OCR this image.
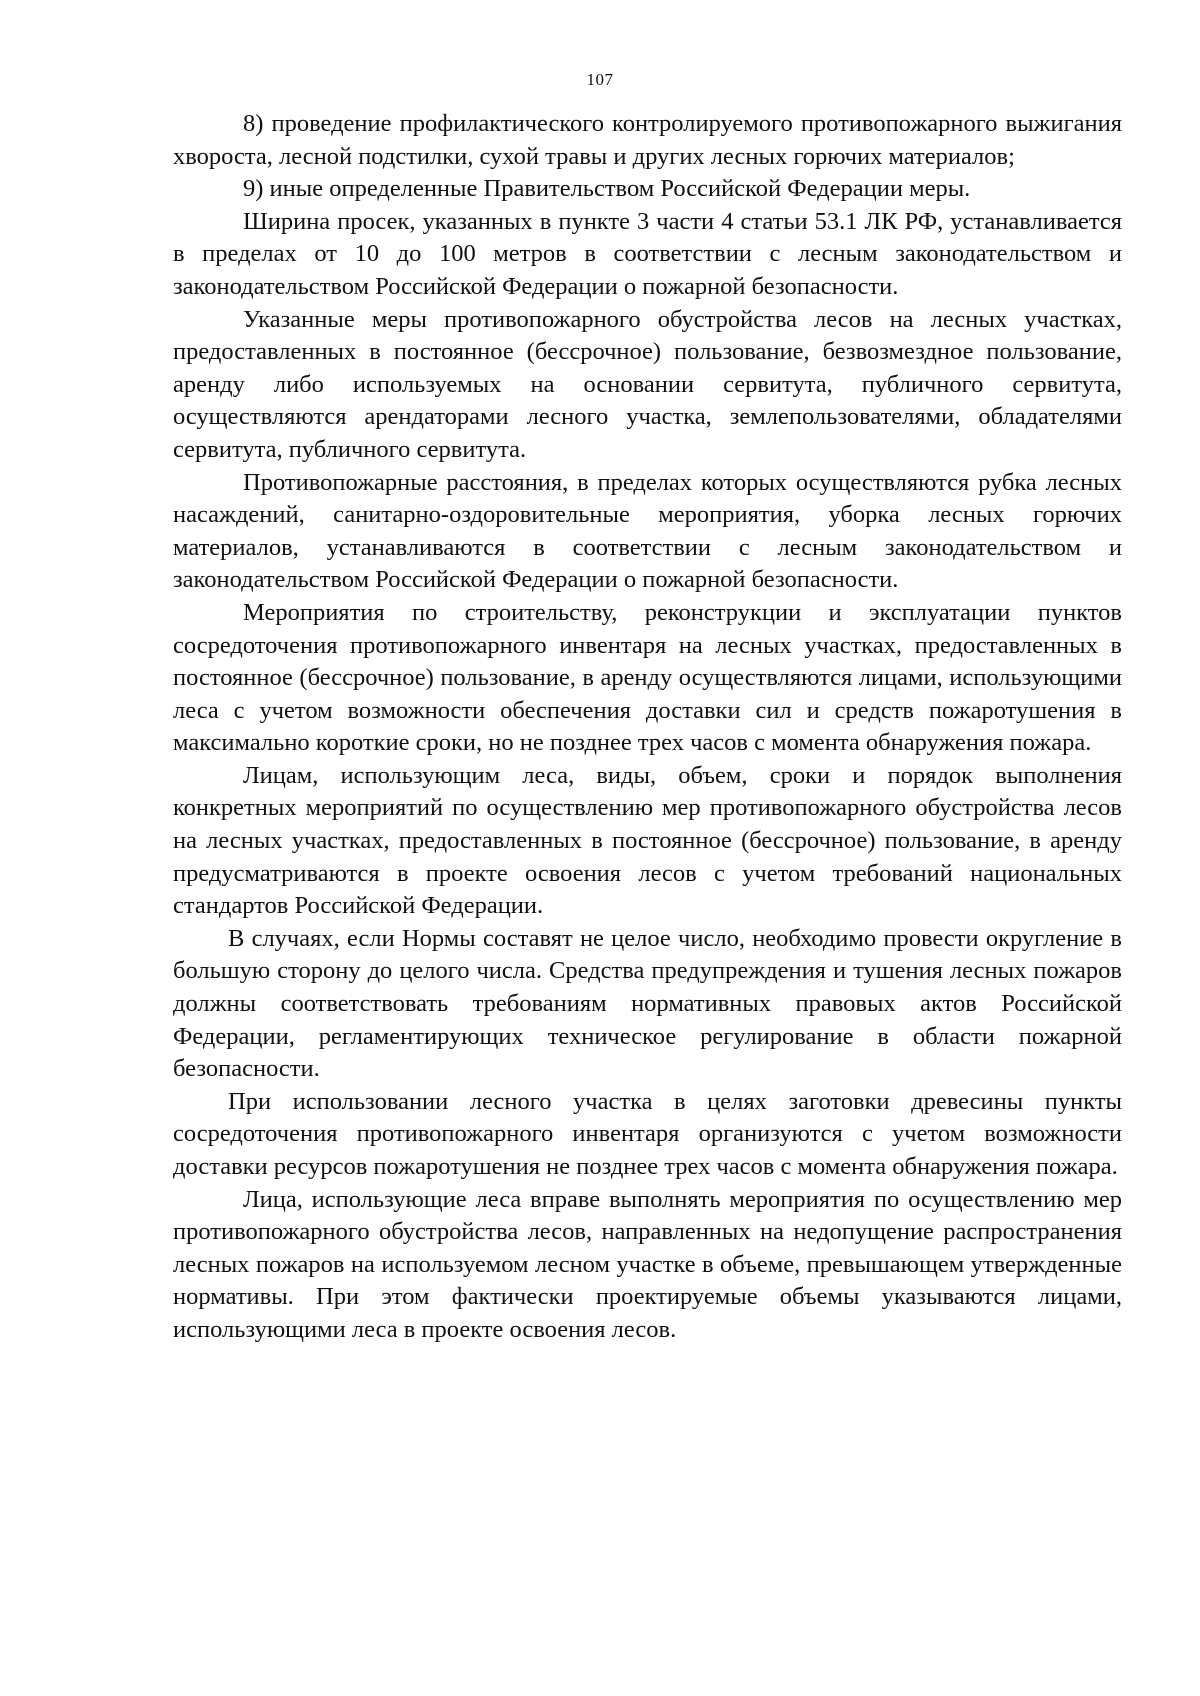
107

8) проведение профилактического контролируемого противопожарного выжигания хвороста, лесной подстилки, сухой травы и других лесных горючих материалов;

9) иные определенные Правительством Российской Федерации меры.

Ширина просек, указанных в пункте 3 части 4 статьи 53.1 ЛК РФ, устанавливается в пределах от 10 до 100 метров в соответствии с лесным законодательством и законодательством Российской Федерации о пожарной безопасности.

Указанные меры противопожарного обустройства лесов на лесных участках, предоставленных в постоянное (бессрочное) пользование, безвозмездное пользование, аренду либо используемых на основании сервитута, публичного сервитута, осуществляются арендаторами лесного участка, землепользователями, обладателями сервитута, публичного сервитута.

Противопожарные расстояния, в пределах которых осуществляются рубка лесных насаждений, санитарно-оздоровительные мероприятия, уборка лесных горючих материалов, устанавливаются в соответствии с лесным законодательством и законодательством Российской Федерации о пожарной безопасности.

Мероприятия по строительству, реконструкции и эксплуатации пунктов сосредоточения противопожарного инвентаря на лесных участках, предоставленных в постоянное (бессрочное) пользование, в аренду осуществляются лицами, использующими леса с учетом возможности обеспечения доставки сил и средств пожаротушения в максимально короткие сроки, но не позднее трех часов с момента обнаружения пожара.

Лицам, использующим леса, виды, объем, сроки и порядок выполнения конкретных мероприятий по осуществлению мер противопожарного обустройства лесов на лесных участках, предоставленных в постоянное (бессрочное) пользование, в аренду предусматриваются в проекте освоения лесов с учетом требований национальных стандартов Российской Федерации.

В случаях, если Нормы составят не целое число, необходимо провести округление в большую сторону до целого числа. Средства предупреждения и тушения лесных пожаров должны соответствовать требованиям нормативных правовых актов Российской Федерации, регламентирующих техническое регулирование в области пожарной безопасности.

При использовании лесного участка в целях заготовки древесины пункты сосредоточения противопожарного инвентаря организуются с учетом возможности доставки ресурсов пожаротушения не позднее трех часов с момента обнаружения пожара.

Лица, использующие леса вправе выполнять мероприятия по осуществлению мер противопожарного обустройства лесов, направленных на недопущение распространения лесных пожаров на используемом лесном участке в объеме, превышающем утвержденные нормативы. При этом фактически проектируемые объемы указываются лицами, использующими леса в проекте освоения лесов.
